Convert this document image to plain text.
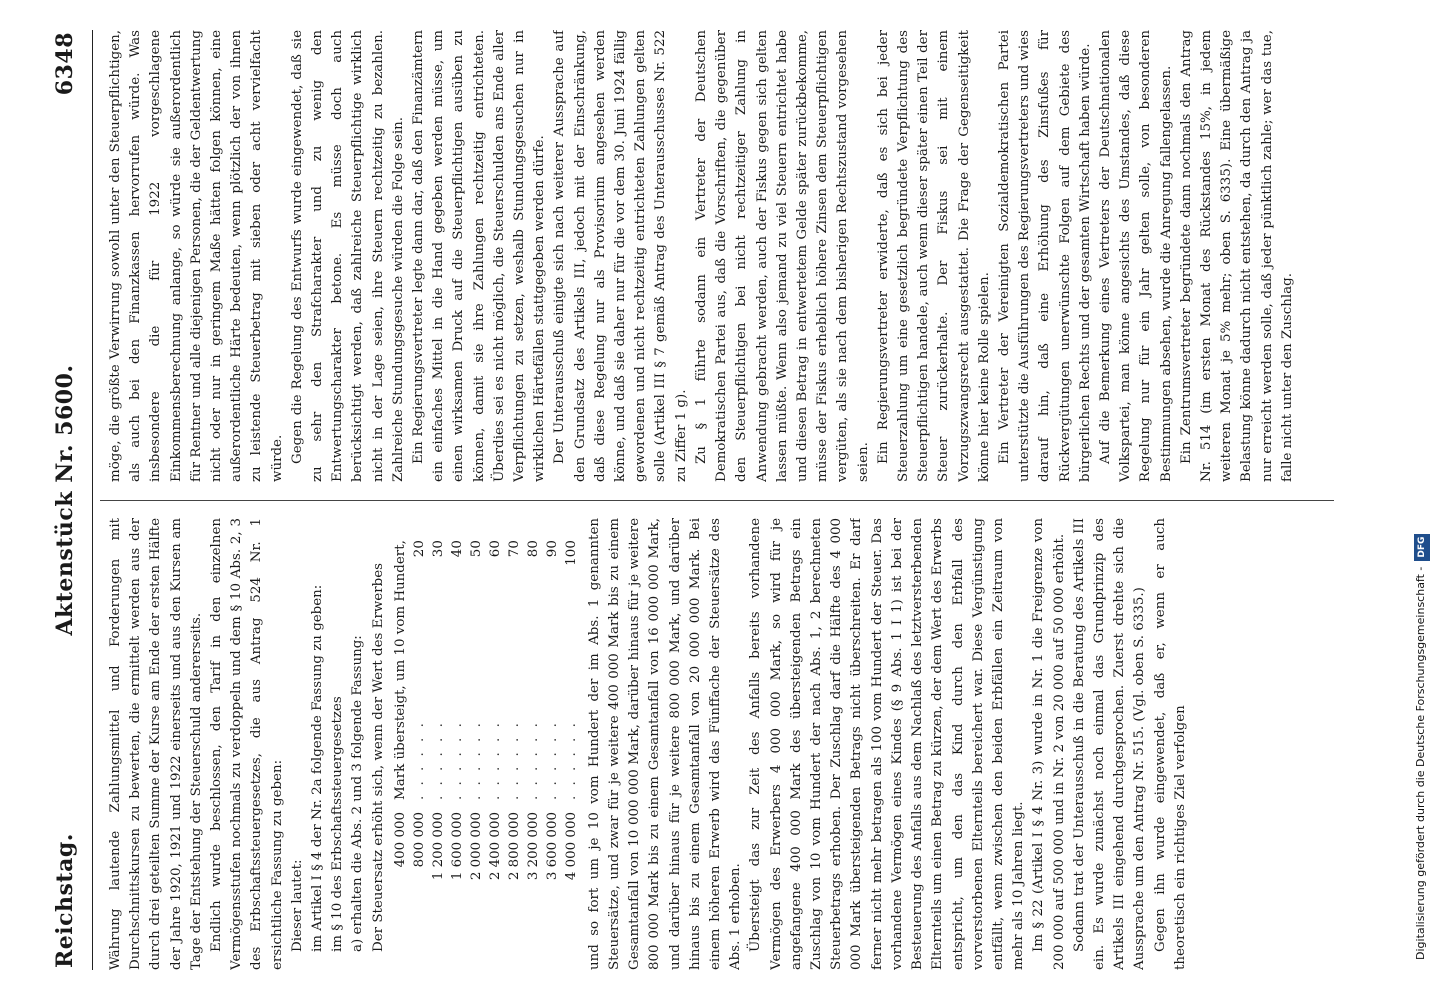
Reichstag.
Aktenstück Nr. 5600.
6348

Währung lautende Zahlungsmittel und Forderungen mit Durchschnittskursen zu bewerten, die ermittelt werden aus der durch drei geteilten Summe der Kurse am Ende der ersten Hälfte der Jahre 1920, 1921 und 1922 einerseits und aus den Kursen am Tage der Entstehung der Steuerschuld andererseits. Endlich wurde beschlossen, den Tarif in den einzelnen Vermögensstufen nochmals zu verdoppeln und dem § 10 Abs. 2, 3 des Erbschaftssteuergesetzes, die aus Antrag 524 Nr. 1 ersichtliche Fassung zu geben: Dieser lautet: im Artikel I § 4 der Nr. 2a folgende Fassung zu geben: im § 10 des Erbschaftssteuergesetzes a) erhalten die Abs. 2 und 3 folgende Fassung: Der Steuersatz erhöht sich, wenn der Wert des Erwerbes 400 000	Mark übersteigt, um 10 vom Hundert,	
800 000	. . . . . .	20
1 200 000	. . . . . .	30
1 600 000	. . . . . .	40
2 000 000	. . . . . .	50
2 400 000	. . . . . .	60
2 800 000	. . . . . .	70
3 200 000	. . . . . .	80
3 600 000	. . . . . .	90
4 000 000	. . . . . .	100 und so fort um je 10 vom Hundert der im Abs. 1 genannten Steuersätze, und zwar für je weitere 400 000 Mark bis zu einem Gesamtanfall von 10 000 000 Mark, darüber hinaus für je weitere 800 000 Mark bis zu einem Gesamtanfall von 16 000 000 Mark, und darüber hinaus für je weitere 800 000 Mark, und darüber hinaus bis zu einem Gesamtanfall von 20 000 000 Mark. Bei einem höheren Erwerb wird das Fünffache der Steuersätze des Abs. 1 erhoben. Übersteigt das zur Zeit des Anfalls bereits vorhandene Vermögen des Erwerbers 4 000 000 Mark, so wird für je angefangene 400 000 Mark des übersteigenden Betrags ein Zuschlag von 10 vom Hundert der nach Abs. 1, 2 berechneten Steuerbetrags erhoben. Der Zuschlag darf die Hälfte des 4 000 000 Mark übersteigenden Betrags nicht überschreiten. Er darf ferner nicht mehr betragen als 100 vom Hundert der Steuer. Das vorhandene Vermögen eines Kindes (§ 9 Abs. 1 I 1) ist bei der Besteuerung des Anfalls aus dem Nachlaß des letztversterbenden Elternteils um einen Betrag zu kürzen, der dem Wert des Erwerbs entspricht, um den das Kind durch den Erbfall des vorverstorbenen Elternteils bereichert war. Diese Vergünstigung entfällt, wenn zwischen den beiden Erbfällen ein Zeitraum von mehr als 10 Jahren liegt. Im § 22 (Artikel I § 4 Nr. 3) wurde in Nr. 1 die Freigrenze von 200 000 auf 500 000 und in Nr. 2 von 20 000 auf 50 000 erhöht. Sodann trat der Unterausschuß in die Beratung des Artikels III ein. Es wurde zunächst noch einmal das Grundprinzip des Artikels III eingehend durchgesprochen. Zuerst drehte sich die Aussprache um den Antrag Nr. 515. (Vgl. oben S. 6335.) Gegen ihn wurde eingewendet, daß er, wenn er auch theoretisch ein richtiges Ziel verfolgen

möge, die größte Verwirrung sowohl unter den Steuerpflichtigen, als auch bei den Finanzkassen hervorrufen würde. Was insbesondere die für 1922 vorgeschlagene Einkommensberechnung anlange, so würde sie außerordentlich für Rentner und alle diejenigen Personen, die der Geldentwertung nicht oder nur in geringem Maße hätten folgen können, eine außerordentliche Härte bedeuten, wenn plötzlich der von ihnen zu leistende Steuerbetrag mit sieben oder acht vervielfacht würde. Gegen die Regelung des Entwurfs wurde eingewendet, daß sie zu sehr den Strafcharakter und zu wenig den Entwertungscharakter betone. Es müsse doch auch berücksichtigt werden, daß zahlreiche Steuerpflichtige wirklich nicht in der Lage seien, ihre Steuern rechtzeitig zu bezahlen. Zahlreiche Stundungsgesuche würden die Folge sein. Ein Regierungsvertreter legte dann dar, daß den Finanzämtern ein einfaches Mittel in die Hand gegeben werden müsse, um einen wirksamen Druck auf die Steuerpflichtigen ausüben zu können, damit sie ihre Zahlungen rechtzeitig entrichteten. Überdies sei es nicht möglich, die Steuerschulden ans Ende aller Verpflichtungen zu setzen, weshalb Stundungsgesuchen nur in wirklichen Härtefällen stattgegeben werden dürfe. Der Unterausschuß einigte sich nach weiterer Aussprache auf den Grundsatz des Artikels III, jedoch mit der Einschränkung, daß diese Regelung nur als Provisorium angesehen werden könne, und daß sie daher nur für die vor dem 30. Juni 1924 fällig gewordenen und nicht rechtzeitig entrichteten Zahlungen gelten solle (Artikel III § 7 gemäß Antrag des Unterausschusses Nr. 522 zu Ziffer 1 g). Zu § 1 führte sodann ein Vertreter der Deutschen Demokratischen Partei aus, daß die Vorschriften, die gegenüber den Steuerpflichtigen bei nicht rechtzeitiger Zahlung in Anwendung gebracht werden, auch der Fiskus gegen sich gelten lassen müßte. Wenn also jemand zu viel Steuern entrichtet habe und diesen Betrag in entwertetem Gelde später zurückbekomme, müsse der Fiskus erheblich höhere Zinsen dem Steuerpflichtigen vergüten, als sie nach dem bisherigen Rechtszustand vorgesehen seien. Ein Regierungsvertreter erwiderte, daß es sich bei jeder Steuerzahlung um eine gesetzlich begründete Verpflichtung des Steuerpflichtigen handele, auch wenn dieser später einen Teil der Steuer zurückerhalte. Der Fiskus sei mit einem Vorzugszwangsrecht ausgestattet. Die Frage der Gegenseitigkeit könne hier keine Rolle spielen. Ein Vertreter der Vereinigten Sozialdemokratischen Partei unterstützte die Ausführungen des Regierungsvertreters und wies darauf hin, daß eine Erhöhung des Zinsfußes für Rückvergütungen unerwünschte Folgen auf dem Gebiete des bürgerlichen Rechts und der gesamten Wirtschaft haben würde. Auf die Bemerkung eines Vertreters der Deutschnationalen Volkspartei, man könne angesichts des Umstandes, daß diese Regelung nur für ein Jahr gelten solle, von besonderen Bestimmungen absehen, wurde die Anregung fallengelassen. Ein Zentrumsvertreter begründete dann nochmals den Antrag Nr. 514 (im ersten Monat des Rückstandes 15%, in jedem weiteren Monat je 5% mehr; oben S. 6335). Eine übermäßige Belastung könne dadurch nicht entstehen, da durch den Antrag ja nur erreicht werden solle, daß jeder pünktlich zahle; wer das tue, falle nicht unter den Zuschlag.

Digitalisierung gefördert durch die Deutsche Forschungsgemeinschaft -DFG
